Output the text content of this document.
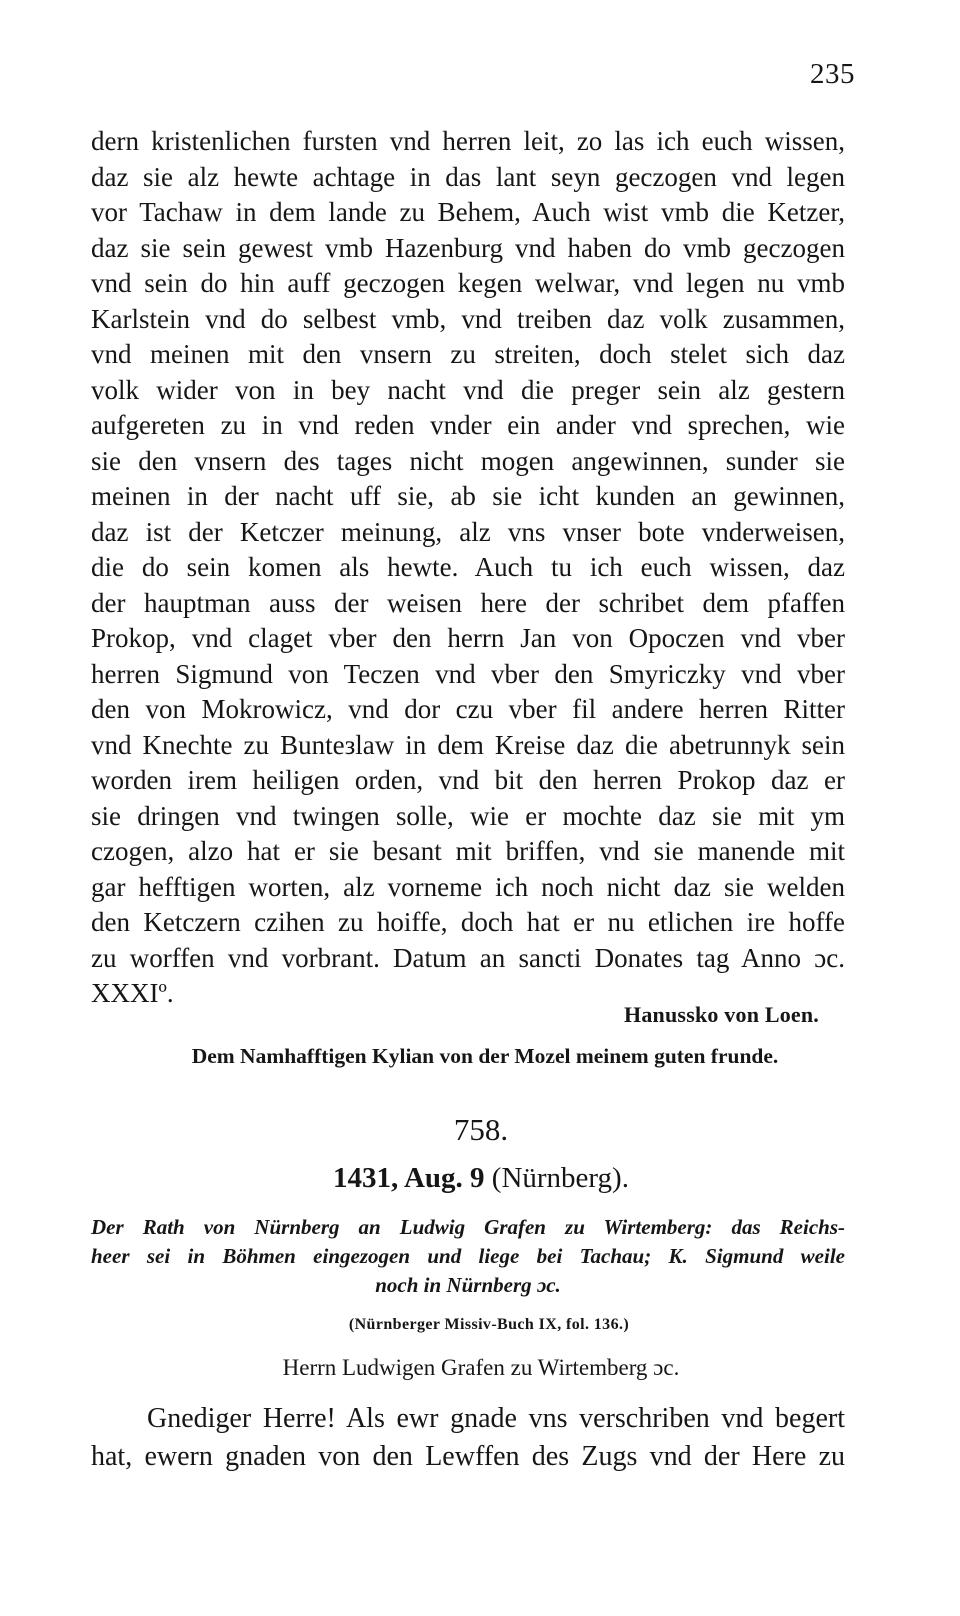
235
dern kristenlichen fursten vnd herren leit, zo las ich euch wissen,
daz sie alz hewte achtage in das lant seyn geczogen vnd legen
vor Tachaw in dem lande zu Behem, Auch wist vmb die Ketzer,
daz sie sein gewest vmb Hazenburg vnd haben do vmb geczogen
vnd sein do hin auff geczogen kegen welwar, vnd legen nu vmb
Karlstein vnd do selbest vmb, vnd treiben daz volk zusammen,
vnd meinen mit den vnsern zu streiten, doch stelet sich daz
volk wider von in bey nacht vnd die preger sein alz gestern
aufgereten zu in vnd reden vnder ein ander vnd sprechen, wie
sie den vnsern des tages nicht mogen angewinnen, sunder sie
meinen in der nacht uff sie, ab sie icht kunden an gewinnen,
daz ist der Ketczer meinung, alz vns vnser bote vnderweisen,
die do sein komen als hewte. Auch tu ich euch wissen, daz
der hauptman auss der weisen here der schribet dem pfaffen
Prokop, vnd claget vber den herrn Jan von Opoczen vnd vber
herren Sigmund von Teczen vnd vber den Smyriczky vnd vber
den von Mokrowicz, vnd dor czu vber fil andere herren Ritter
vnd Knechte zu Bunteзlaw in dem Kreise daz die abetrunnyk sein
worden irem heiligen orden, vnd bit den herren Prokop daz er
sie dringen vnd twingen solle, wie er mochte daz sie mit ym
czogen, alzo hat er sie besant mit briffen, vnd sie manende mit
gar hefftigen worten, alz vorneme ich noch nicht daz sie welden
den Ketczern czihen zu hoiffe, doch hat er nu etlichen ire hoffe
zu worffen vnd vorbrant. Datum an sancti Donates tag Anno ɔc.
XXXIº.
Hanussko von Loen.
Dem Namhafftigen Kylian von der Mozel meinem guten frunde.
758.
1431, Aug. 9 (Nürnberg).
Der Rath von Nürnberg an Ludwig Grafen zu Wirtemberg: das Reichs-
heer sei in Böhmen eingezogen und liege bei Tachau; K. Sigmund weile
noch in Nürnberg ɔc.
(Nürnberger Missiv-Buch IX, fol. 136.)
Herrn Ludwigen Grafen zu Wirtemberg ɔc.
Gnediger Herre! Als ewr gnade vns verschriben vnd begert
hat, ewern gnaden von den Lewffen des Zugs vnd der Here zu
